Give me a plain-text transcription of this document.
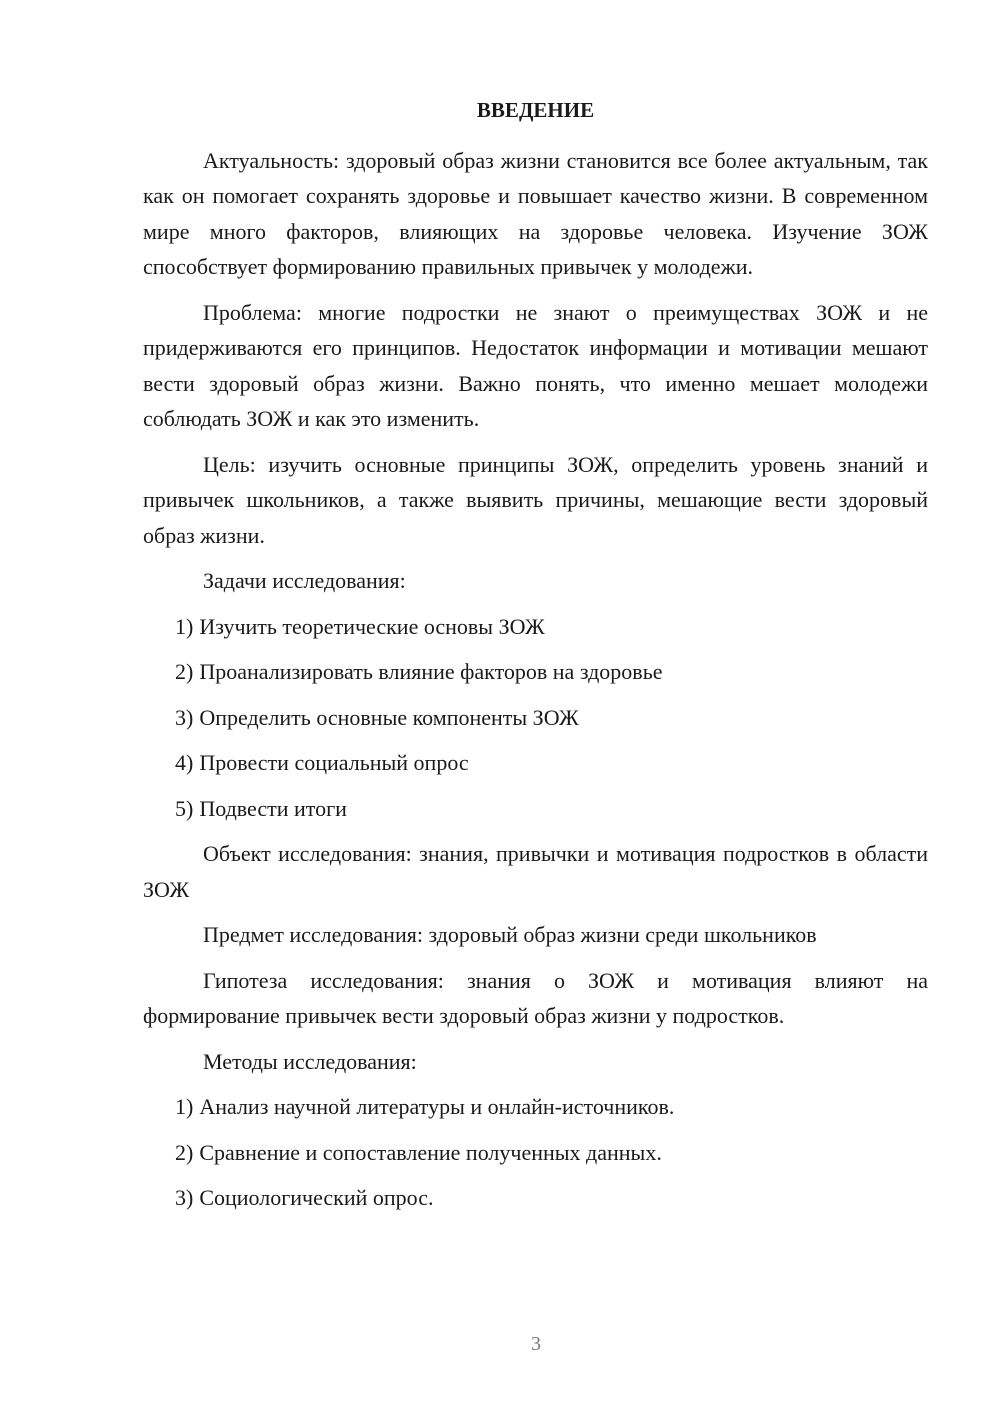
ВВЕДЕНИЕ

Актуальность: здоровый образ жизни становится все более актуальным, так как он помогает сохранять здоровье и повышает качество жизни. В современном мире много факторов, влияющих на здоровье человека. Изучение ЗОЖ способствует формированию правильных привычек у молодежи.

Проблема: многие подростки не знают о преимуществах ЗОЖ и не придерживаются его принципов. Недостаток информации и мотивации мешают вести здоровый образ жизни. Важно понять, что именно мешает молодежи соблюдать ЗОЖ и как это изменить.

Цель: изучить основные принципы ЗОЖ, определить уровень знаний и привычек школьников, а также выявить причины, мешающие вести здоровый образ жизни.

Задачи исследования:
1) Изучить теоретические основы ЗОЖ
2) Проанализировать влияние факторов на здоровье
3) Определить основные компоненты ЗОЖ
4) Провести социальный опрос
5) Подвести итоги

Объект исследования: знания, привычки и мотивация подростков в области ЗОЖ

Предмет исследования: здоровый образ жизни среди школьников

Гипотеза исследования: знания о ЗОЖ и мотивация влияют на формирование привычек вести здоровый образ жизни у подростков.

Методы исследования:
1) Анализ научной литературы и онлайн-источников.
2) Сравнение и сопоставление полученных данных.
3) Социологический опрос.
3
